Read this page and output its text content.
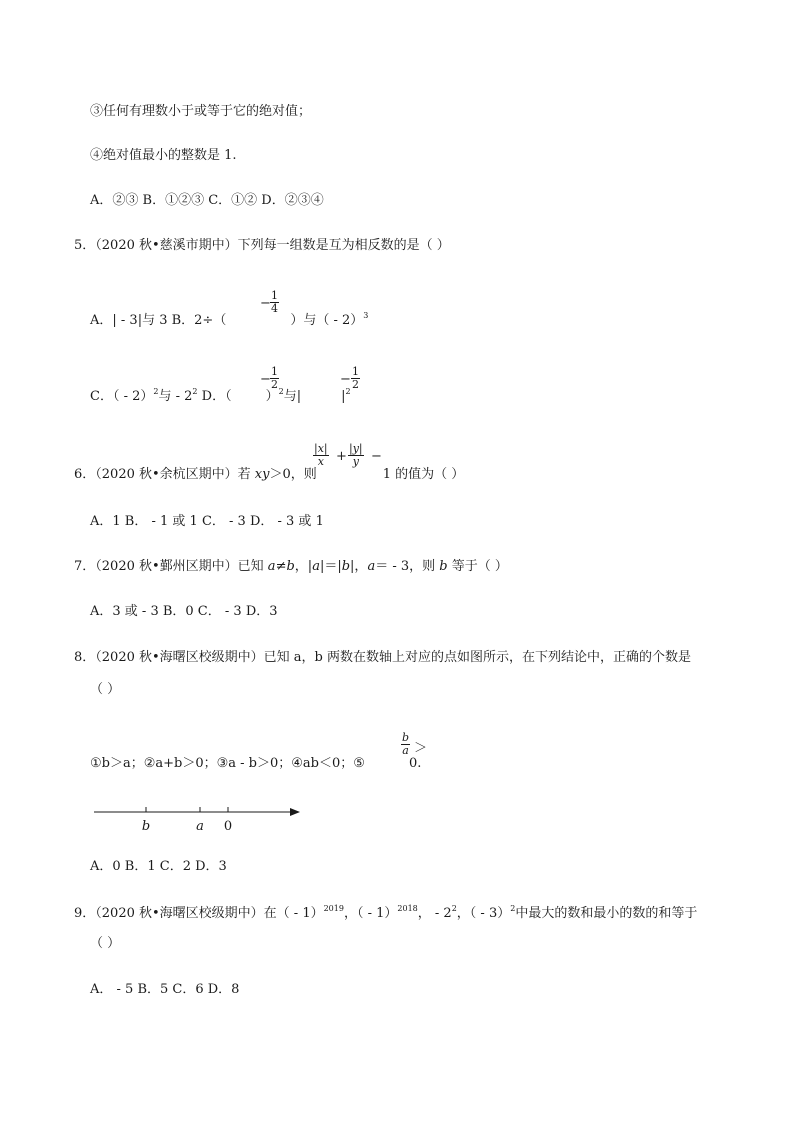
③任何有理数小于或等于它的绝对值；
④绝对值最小的整数是 1.
A．②③ B．①②③ C．①② D．②③④
5．（2020 秋•慈溪市期中）下列每一组数是互为相反数的是（ ）
A．| - 3|与 3 B．2÷（	）与（ - 2）$^3$
− $\frac{1}{4}$
C．（ - 2）$^2$与 - $2^2$ D．（	）$^2$与|	$|^2$
− $\frac{1}{2}$	− $\frac{1}{2}$
6．（2020 秋•余杭区期中）若 xy＞0，则	1 的值为（ ）
$\frac{|x|}{x} + \frac{|y|}{y}$ −
A．1 B． - 1 或 1 C． - 3 D． - 3 或 1
7．（2020 秋•鄞州区期中）已知 a≠b，|a|＝|b|，a＝ - 3，则 b 等于（ ）
A．3 或 - 3 B．0 C． - 3 D．3
8．（2020 秋•海曙区校级期中）已知 a，b 两数在数轴上对应的点如图所示，在下列结论中，正确的个数是
（ ）
①b＞a；②a+b＞0；③a - b＞0；④ab＜0；⑤	0.
$\frac{b}{a}$ ＞
b	a 0
A．0 B．1 C．2 D．3
9．（2020 秋•海曙区校级期中）在（ - 1）$^{2019}$，（ - 1）$^{2018}$， - $2^2$，（ - 3）$^2$中最大的数和最小的数的和等于
（ ）
A． - 5 B．5 C．6 D．8
